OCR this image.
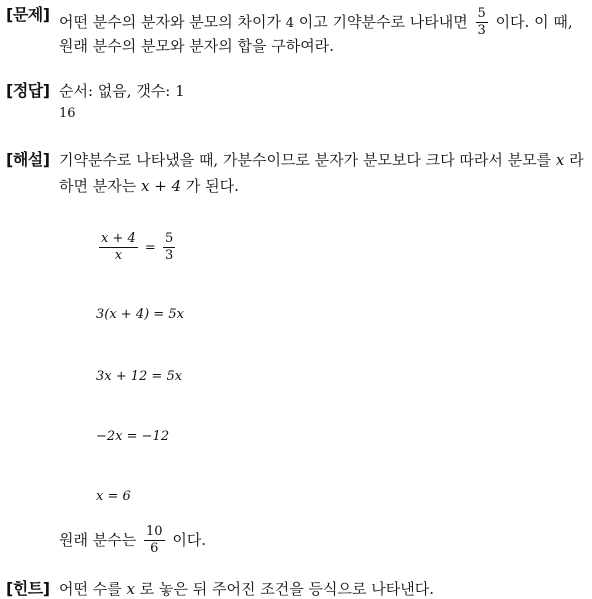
[문제] 어떤 분수의 분자와 분모의 차이가 4 이고 기약분수로 나타내면 $\frac{5}{3}$ 이다. 이 때,
원래 분수의 분모와 분자의 합을 구하여라.
[정답] 순서: 없음, 갯수: 1
16
[해설] 기약분수로 나타냈을 때, 가분수이므로 분자가 분모보다 크다 따라서 분모를 x 라
하면 분자는 x + 4 가 된다.
$\frac{x + 4}{x} = \frac{5}{3}$
3(x + 4) = 5x
3x + 12 = 5x
−2x = −12
x = 6
원래 분수는 $\frac{10}{6}$ 이다.
[힌트] 어떤 수를 x 로 놓은 뒤 주어진 조건을 등식으로 나타낸다.
